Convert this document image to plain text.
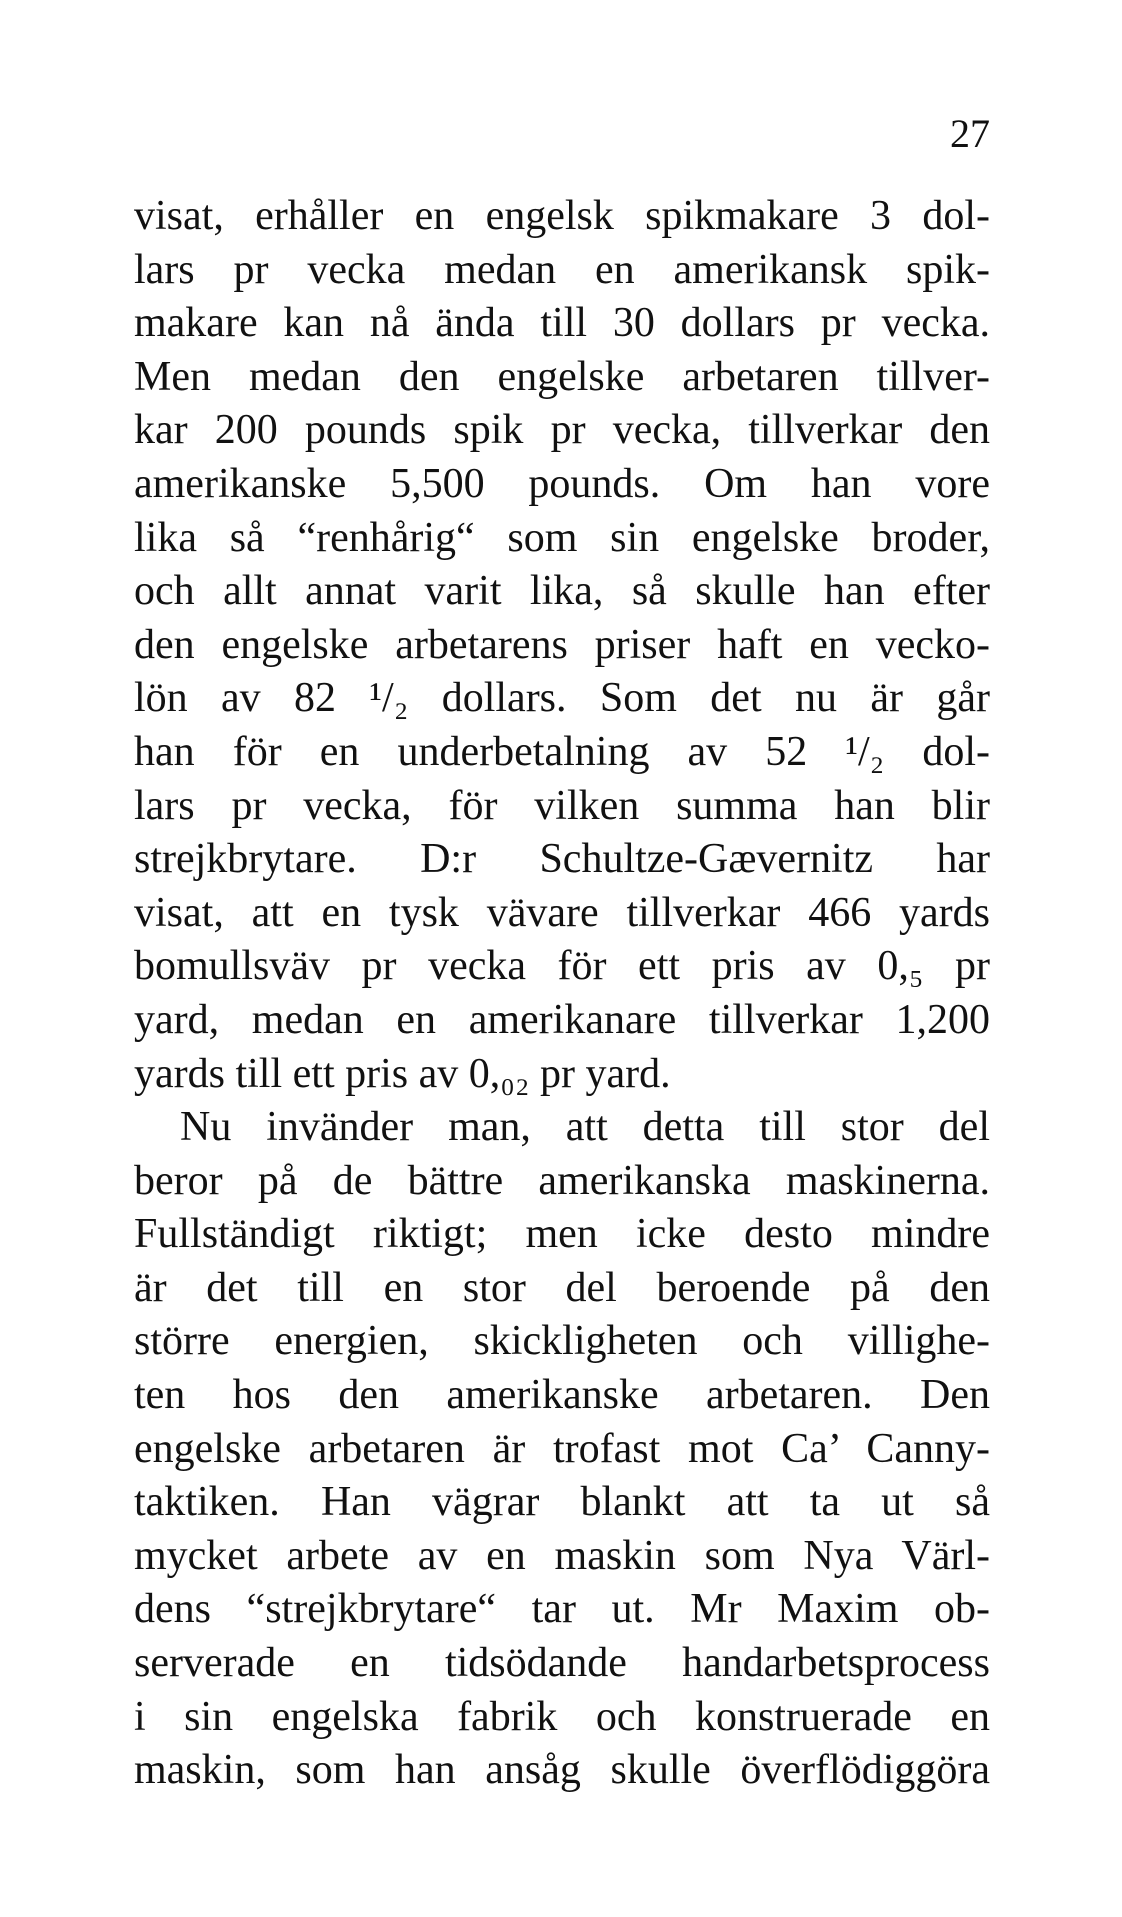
27
visat, erhåller en engelsk spikmakare 3 dol-
lars pr vecka medan en amerikansk spik-
makare kan nå ända till 30 dollars pr vecka.
Men medan den engelske arbetaren tillver-
kar 200 pounds spik pr vecka, tillverkar den
amerikanske 5,500 pounds. Om han vore
lika så “renhårig“ som sin engelske broder,
och allt annat varit lika, så skulle han efter
den engelske arbetarens priser haft en vecko-
lön av 82 ¹/₂ dollars. Som det nu är går
han för en underbetalning av 52 ¹/₂ dol-
lars pr vecka, för vilken summa han blir
strejkbrytare. D:r Schultze-Gævernitz har
visat, att en tysk vävare tillverkar 466 yards
bomullsväv pr vecka för ett pris av 0,₅ pr
yard, medan en amerikanare tillverkar 1,200
yards till ett pris av 0,₀₂ pr yard.
Nu invänder man, att detta till stor del
beror på de bättre amerikanska maskinerna.
Fullständigt riktigt; men icke desto mindre
är det till en stor del beroende på den
större energien, skickligheten och villighe-
ten hos den amerikanske arbetaren. Den
engelske arbetaren är trofast mot Ca’ Canny-
taktiken. Han vägrar blankt att ta ut så
mycket arbete av en maskin som Nya Värl-
dens “strejkbrytare“ tar ut. Mr Maxim ob-
serverade en tidsödande handarbetsprocess
i sin engelska fabrik och konstruerade en
maskin, som han ansåg skulle överflödiggöra
